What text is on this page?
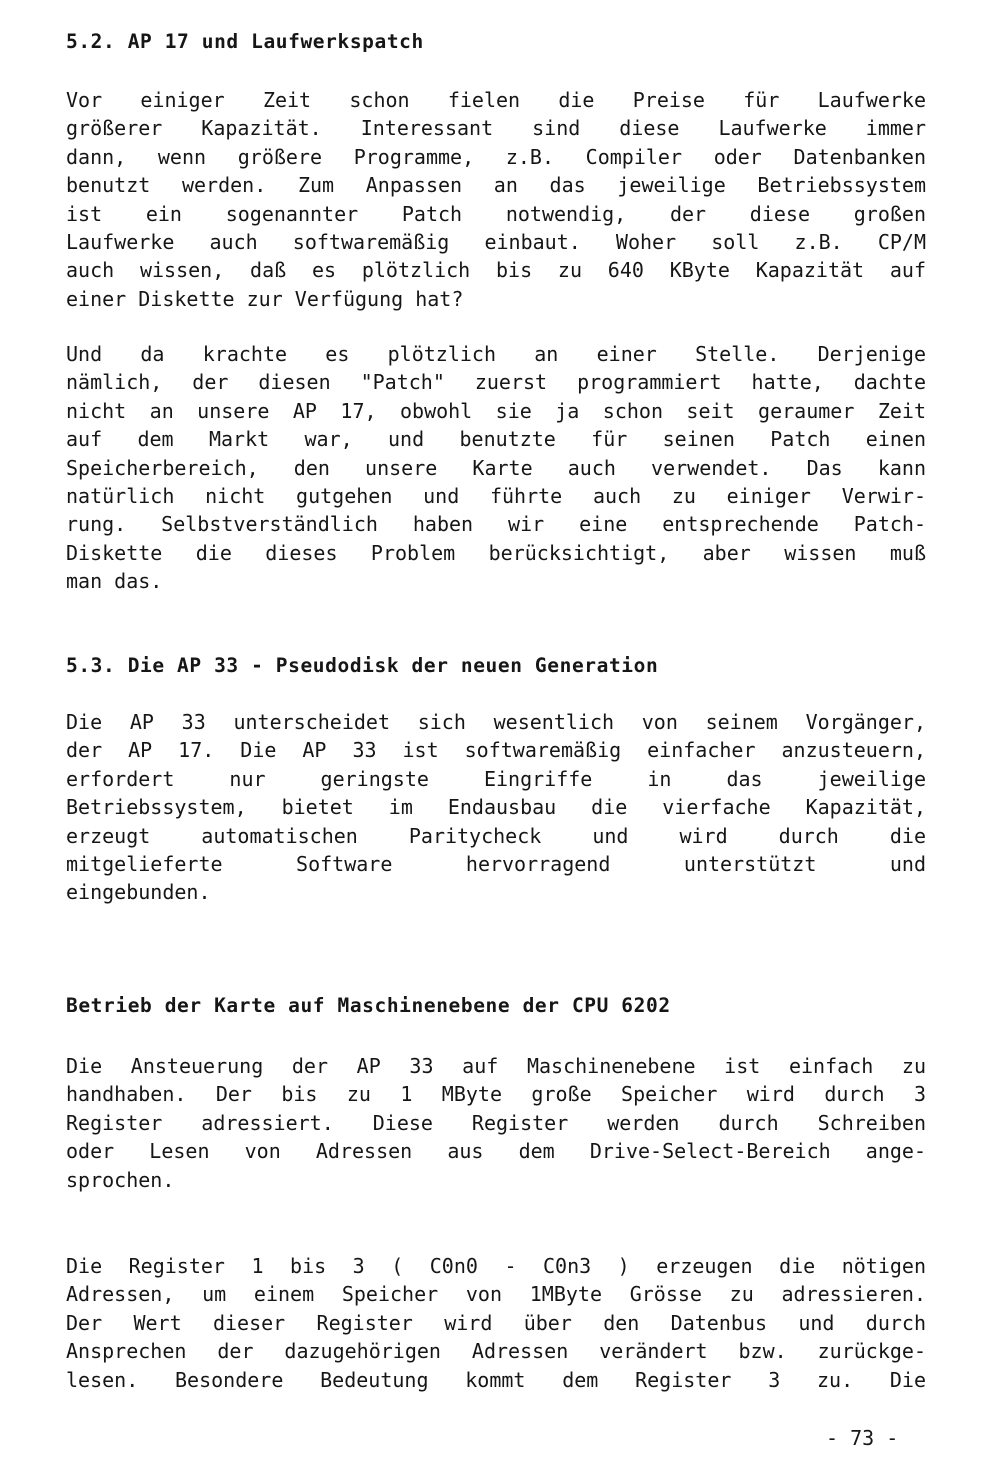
5.2. AP 17 und Laufwerkspatch
Vor einiger Zeit schon fielen die Preise für Laufwerke
größerer Kapazität. Interessant sind diese Laufwerke immer
dann, wenn größere Programme, z.B. Compiler oder Datenbanken
benutzt werden. Zum Anpassen an das jeweilige Betriebssystem
ist ein sogenannter Patch notwendig, der diese großen
Laufwerke auch softwaremäßig einbaut. Woher soll z.B. CP/M
auch wissen, daß es plötzlich bis zu 640 KByte Kapazität auf
einer Diskette zur Verfügung hat?
Und da krachte es plötzlich an einer Stelle. Derjenige
nämlich, der diesen "Patch" zuerst programmiert hatte, dachte
nicht an unsere AP 17, obwohl sie ja schon seit geraumer Zeit
auf dem Markt war, und benutzte für seinen Patch einen
Speicherbereich, den unsere Karte auch verwendet. Das kann
natürlich nicht gutgehen und führte auch zu einiger Verwir-
rung. Selbstverständlich haben wir eine entsprechende Patch-
Diskette die dieses Problem berücksichtigt, aber wissen muß
man das.
5.3. Die AP 33 - Pseudodisk der neuen Generation
Die AP 33 unterscheidet sich wesentlich von seinem Vorgänger,
der AP 17. Die AP 33 ist softwaremäßig einfacher anzusteuern,
erfordert nur geringste Eingriffe in das jeweilige
Betriebssystem, bietet im Endausbau die vierfache Kapazität,
erzeugt automatischen Paritycheck und wird durch die
mitgelieferte Software hervorragend unterstützt und
eingebunden.
Betrieb der Karte auf Maschinenebene der CPU 6202
Die Ansteuerung der AP 33 auf Maschinenebene ist einfach zu
handhaben. Der bis zu 1 MByte große Speicher wird durch 3
Register adressiert. Diese Register werden durch Schreiben
oder Lesen von Adressen aus dem Drive-Select-Bereich ange-
sprochen.
Die Register 1 bis 3 ( C0n0 - C0n3 ) erzeugen die nötigen
Adressen, um einem Speicher von 1MByte Grösse zu adressieren.
Der Wert dieser Register wird über den Datenbus und durch
Ansprechen der dazugehörigen Adressen verändert bzw. zurückge-
lesen. Besondere Bedeutung kommt dem Register 3 zu. Die
- 73 -
